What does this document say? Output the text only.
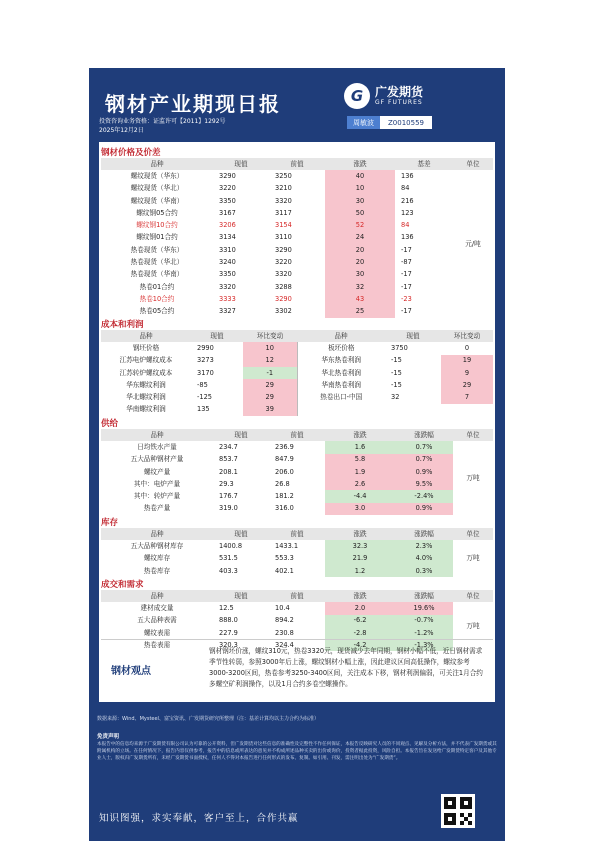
钢材产业期现日报
投资咨询业务资格：证监许可【2011】1292号
2025年12月2日
G 广发期货
GF FUTURES
周敏波	Z0010559
钢材价格及价差
品种	现值	前值	涨跌	基差	单位
螺纹现货（华东）	3290	3250	40	136	元/吨
螺纹现货（华北）	3220	3210	10	84	
螺纹现货（华南）	3350	3320	30	216	
螺纹钢05合约	3167	3117	50	123	
螺纹钢10合约	3206	3154	52	84	
螺纹钢01合约	3134	3110	24	136	
热卷现货（华东）	3310	3290	20	-17	
热卷现货（华北）	3240	3220	20	-87	
热卷现货（华南）	3350	3320	30	-17	
热卷01合约	3320	3288	32	-17	
热卷10合约	3333	3290	43	-23	
热卷05合约	3327	3302	25	-17	
成本和利润
品种	现值	环比变动	品种	现值	环比变动
钢坯价格	2990	10	板坯价格	3750	0
江苏电炉螺纹成本	3273	12	华东热卷利润	-15	19
江苏转炉螺纹成本	3170	-1	华北热卷利润	-15	9
华东螺纹利润	-85	29	华南热卷利润	-15	29
华北螺纹利润	-125	29	热卷出口-中国	32	7
华南螺纹利润	135	39			
供给
品种	现值	前值	涨跌	涨跌幅	单位
日均铁水产量	234.7	236.9	1.6	0.7%	万吨
五大品种钢材产量	853.7	847.9	5.8	0.7%	
螺纹产量	208.1	206.0	1.9	0.9%	
其中：电炉产量	29.3	26.8	2.6	9.5%	
其中：转炉产量	176.7	181.2	-4.4	-2.4%	
热卷产量	319.0	316.0	3.0	0.9%	
库存
品种	现值	前值	涨跌	涨跌幅	单位
五大品种钢材库存	1400.8	1433.1	32.3	2.3%	万吨
螺纹库存	531.5	553.3	21.9	4.0%	
热卷库存	403.3	402.1	1.2	0.3%	
成交和需求
品种	现值	前值	涨跌	涨跌幅	单位
建材成交量	12.5	10.4	2.0	19.6%	万吨
五大品种表需	888.0	894.2	-6.2	-0.7%	
螺纹表需	227.9	230.8	-2.8	-1.2%	
热卷表需	320.3	324.4	-4.2	-1.3%	
钢材观点
钢材钢坯价涨，螺纹310元，热卷3320元，现货减少去年同期，钢材小幅不低，近日钢材需求季节性转弱，参照3000年后上涨，螺纹钢材小幅上涨，因此建议区间高低操作，螺纹参考3000-3200区间，热卷参考3250-3400区间，关注成本下移，钢材利润偏弱，可关注1月合约多螺空矿利润操作，以及1月合约多卷空螺操作。
数据来源：Wind、Mysteel、富宝资讯、广发期货研究所整理（注：基差计算均以主力合约为标准）
免责声明
本报告中的信息均来源于广发期货有限公司认为可靠的公开资料，但广发期货对这些信息的准确性及完整性不作任何保证，本报告反映研究人员的不同观点、见解及分析方法，并不代表广发期货或其附属机构的立场。在任何情况下，报告内容仅供参考，报告中的信息或所表达的意见并不构成所述品种买卖的出价或询价，投资者据此投资，风险自担。本报告旨在发送给广发期货特定客户及其他专业人士，版权归广发期货所有，未经广发期货书面授权，任何人不得对本报告进行任何形式的发布、复制。如引用、刊发，需注明出处为“广发期货”。
知识图强，求实奉献，客户至上，合作共赢
